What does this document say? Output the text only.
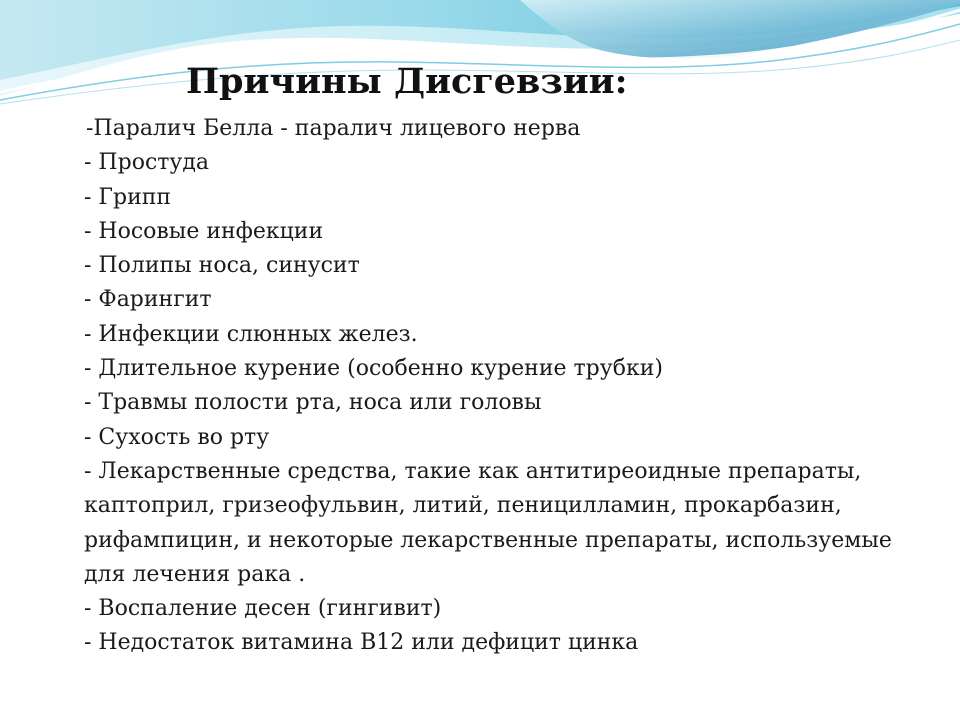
Причины Дисгевзии:
-Паралич Белла - паралич лицевого нерва
- Простуда
- Грипп
- Носовые инфекции
- Полипы носа, синусит
- Фарингит
- Инфекции слюнных желез.
- Длительное курение (особенно курение трубки)
- Травмы полости рта, носа или головы
- Сухость во рту
- Лекарственные средства, такие как антитиреоидные препараты, каптоприл, гризеофульвин, литий, пеницилламин, прокарбазин, рифампицин, и некоторые лекарственные препараты, используемые для лечения рака .
- Воспаление десен (гингивит)
- Недостаток витамина B12 или дефицит цинка
